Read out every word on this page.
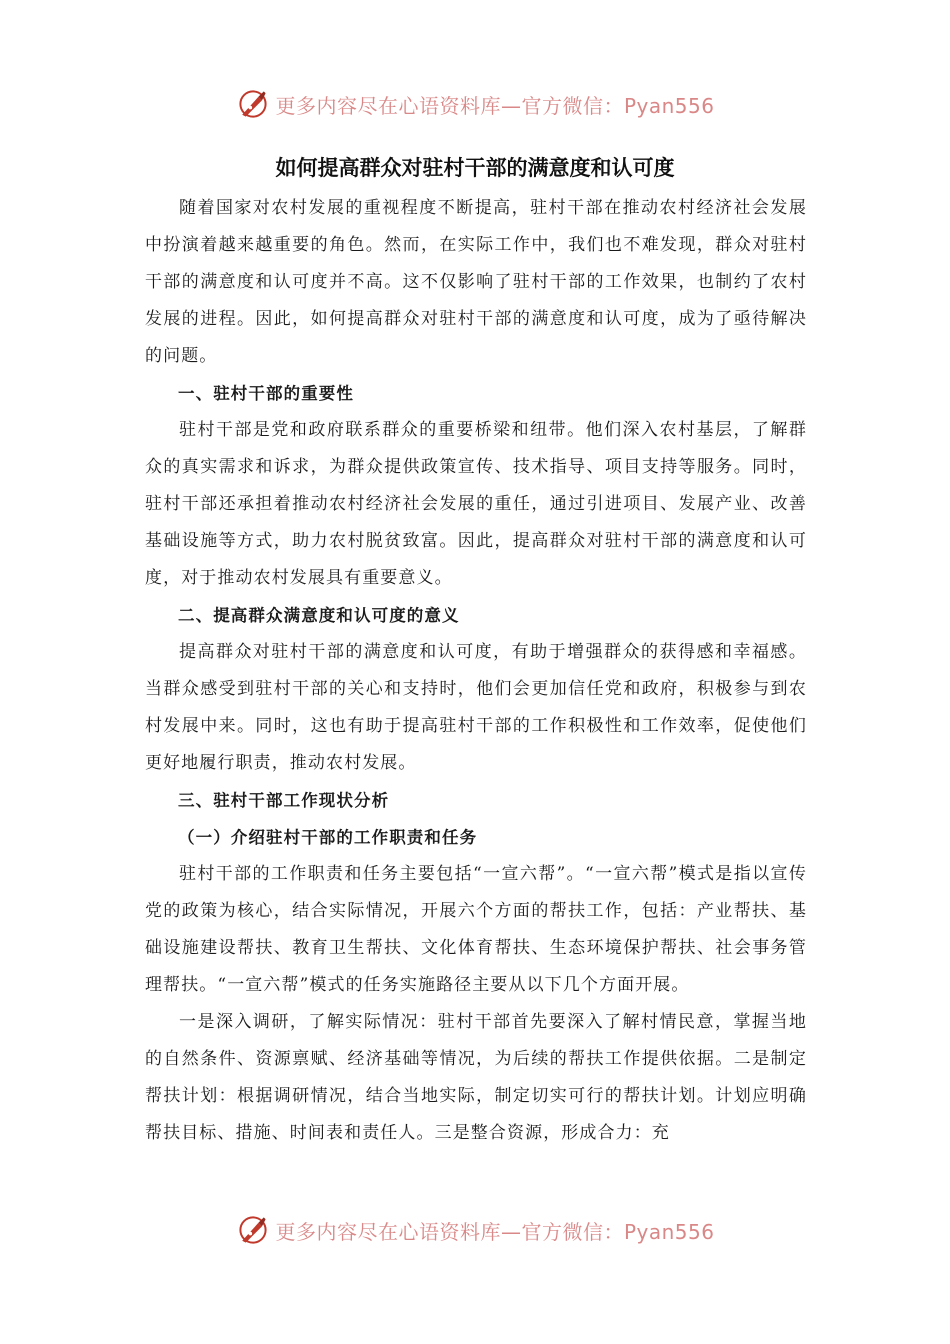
更多内容尽在心语资料库—官方微信：Pyan556
如何提高群众对驻村干部的满意度和认可度

随着国家对农村发展的重视程度不断提高，驻村干部在推动农村经济社会发展中扮演着越来越重要的角色。然而，在实际工作中，我们也不难发现，群众对驻村干部的满意度和认可度并不高。这不仅影响了驻村干部的工作效果，也制约了农村发展的进程。因此，如何提高群众对驻村干部的满意度和认可度，成为了亟待解决的问题。

一、驻村干部的重要性

驻村干部是党和政府联系群众的重要桥梁和纽带。他们深入农村基层，了解群众的真实需求和诉求，为群众提供政策宣传、技术指导、项目支持等服务。同时，驻村干部还承担着推动农村经济社会发展的重任，通过引进项目、发展产业、改善基础设施等方式，助力农村脱贫致富。因此，提高群众对驻村干部的满意度和认可度，对于推动农村发展具有重要意义。

二、提高群众满意度和认可度的意义

提高群众对驻村干部的满意度和认可度，有助于增强群众的获得感和幸福感。当群众感受到驻村干部的关心和支持时，他们会更加信任党和政府，积极参与到农村发展中来。同时，这也有助于提高驻村干部的工作积极性和工作效率，促使他们更好地履行职责，推动农村发展。

三、驻村干部工作现状分析

（一）介绍驻村干部的工作职责和任务

驻村干部的工作职责和任务主要包括“一宣六帮”。“一宣六帮”模式是指以宣传党的政策为核心，结合实际情况，开展六个方面的帮扶工作，包括：产业帮扶、基础设施建设帮扶、教育卫生帮扶、文化体育帮扶、生态环境保护帮扶、社会事务管理帮扶。“一宣六帮”模式的任务实施路径主要从以下几个方面开展。

一是深入调研，了解实际情况：驻村干部首先要深入了解村情民意，掌握当地的自然条件、资源禀赋、经济基础等情况，为后续的帮扶工作提供依据。二是制定帮扶计划：根据调研情况，结合当地实际，制定切实可行的帮扶计划。计划应明确帮扶目标、措施、时间表和责任人。三是整合资源，形成合力：充

更多内容尽在心语资料库—官方微信：Pyan556
